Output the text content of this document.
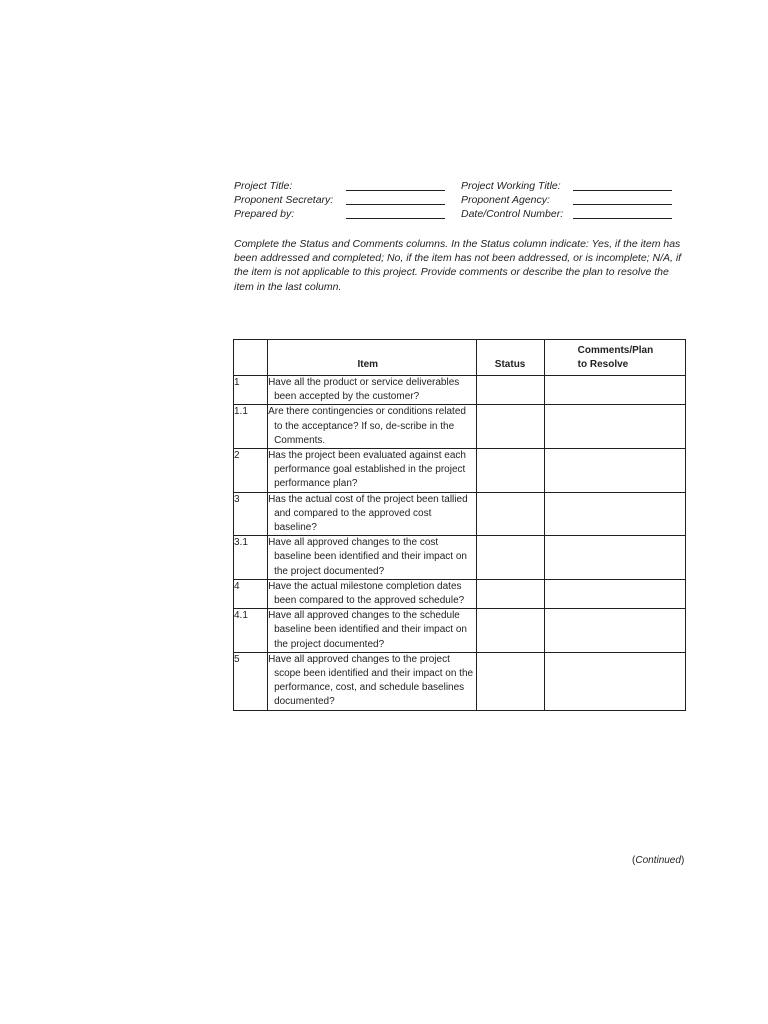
Project Title:	Project Working Title:
Proponent Secretary:	Proponent Agency:
Prepared by:	Date/Control Number:
Complete the Status and Comments columns. In the Status column indicate: Yes, if the item has been addressed and completed; No, if the item has not been addressed, or is incomplete; N/A, if the item is not applicable to this project. Provide comments or describe the plan to resolve the item in the last column.

	Item	Status	Comments/Plan
to Resolve

1	Have all the product or service deliverables been accepted by the customer?		

1.1	Are there contingencies or conditions related to the acceptance? If so, de-scribe in the Comments.		

2	Has the project been evaluated against each performance goal established in the project performance plan?		

3	Has the actual cost of the project been tallied and compared to the approved cost baseline?		

3.1	Have all approved changes to the cost baseline been identified and their impact on the project documented?		

4	Have the actual milestone completion dates been compared to the approved schedule?		

4.1	Have all approved changes to the schedule baseline been identified and their impact on the project documented?		

5	Have all approved changes to the project scope been identified and their impact on the performance, cost, and schedule baselines documented?		

(Continued)
